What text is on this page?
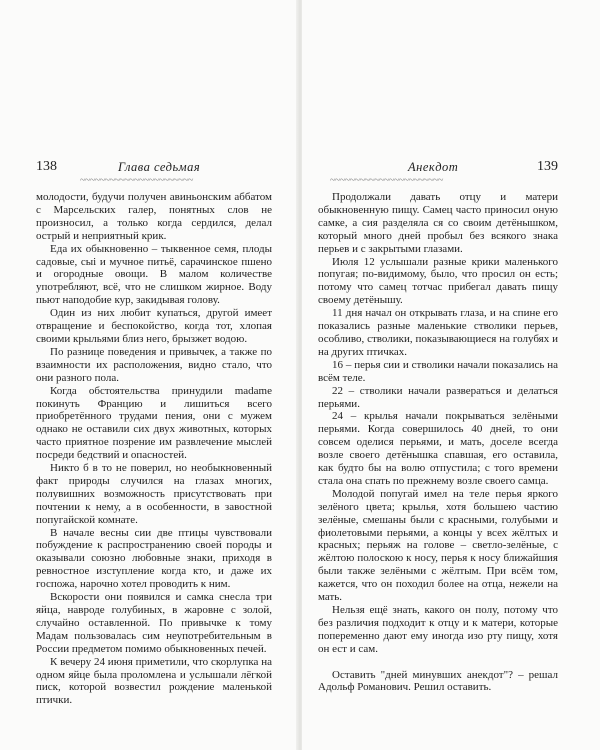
138	Глава седьмая
~~~~~~~~~~~~~~~~~~~~~~~

молодости, будучи получен авиньонским аббатом с Марсельских галер, понятных слов не произносил, а только когда сердился, делал острый и неприятный крик.

Еда их обыкновенно – тыквенное семя, плоды садовые, сыі и мучное питьё, сарачинское пшено и огородные овощи. В малом количестве употребляют, всё, что не слишком жирное. Воду пьют наподобие кур, закидывая голову.

Один из них любит купаться, другой имеет отвращение и беспокойство, когда тот, хлопая своими крыльями близ него, брызжет водою.

По разнице поведения и привычек, а также по взаимности их расположения, видно стало, что они разного пола.

Когда обстоятельства принудили madame покинуть Францию и лишиться всего приобретённого трудами пения, они с мужем однако не оставили сих двух животных, которых часто приятное позрение им развлечение мыслей посреди бедствий и опасностей.

Никто б в то не поверил, но необыкновенный факт природы случился на глазах многих, полувишних возможность присутствовать при почтении к нему, а в особенности, в завостной попугайской комнате.

В начале весны сии две птицы чувствовали побуждение к распространению своей породы и оказывали союзно любовные знаки, приходя в ревностное изступление когда кто, и даже их госпожа, нарочно хотел проводить к ним.

Вскорости они появился и самка снесла три яйца, навроде голубиных, в жаровне с золой, случайно оставленной. По привычке к тому Мадам пользовалась сим неупотребительным в России предметом помимо обыкновенных печей.

К вечеру 24 июня приметили, что скорлупка на одном яйце была проломлена и услышали лёгкой писк, которой возвестил рождение маленькой птички.

Анекдот	139
~~~~~~~~~~~~~~~~~~~~~~~

Продолжали давать отцу и матери обыкновенную пищу. Самец часто приносил оную самке, а сия разделяла ся со своим детёнышком, который много дней пробыл без всякого знака перьев и с закрытыми глазами.

Июля 12 услышали разные крики маленького попугая; по-видимому, было, что просил он есть; потому что самец тотчас прибегал давать пищу своему детёнышу.

11 дня начал он открывать глаза, и на спине его показались разные маленькие стволики перьев, особливо, стволики, показывающиеся на голубях и на других птичках.

16 – перья сии и стволики начали показались на всём теле.

22 – стволики начали развераться и делаться перьями.

24 – крылья начали покрываться зелёными перьями. Когда совершилось 40 дней, то они совсем оделися перьями, и мать, доселе всегда возле своего детёнышка спавшая, его оставила, как будто бы на волю отпустила; с того времени стала она спать по прежнему возле своего самца.

Молодой попугай имел на теле перья яркого зелёного цвета; крылья, хотя большею частию зелёные, смешаны были с красными, голубыми и фиолетовыми перьями, а концы у всех жёлтых и красных; перьяж на голове – светло-зелёные, с жёлтою полоскою к носу, перья к носу ближайшия были также зелёными с жёлтым. При всём том, кажется, что он походил более на отца, нежели на мать.

Нельзя ещё знать, какого он полу, потому что без различия подходит к отцу и к матери, которые попеременно дают ему иногда изо рту пищу, хотя он ест и сам.

Оставить "дней минувших анекдот"? – решал Адольф Романович. Решил оставить.
